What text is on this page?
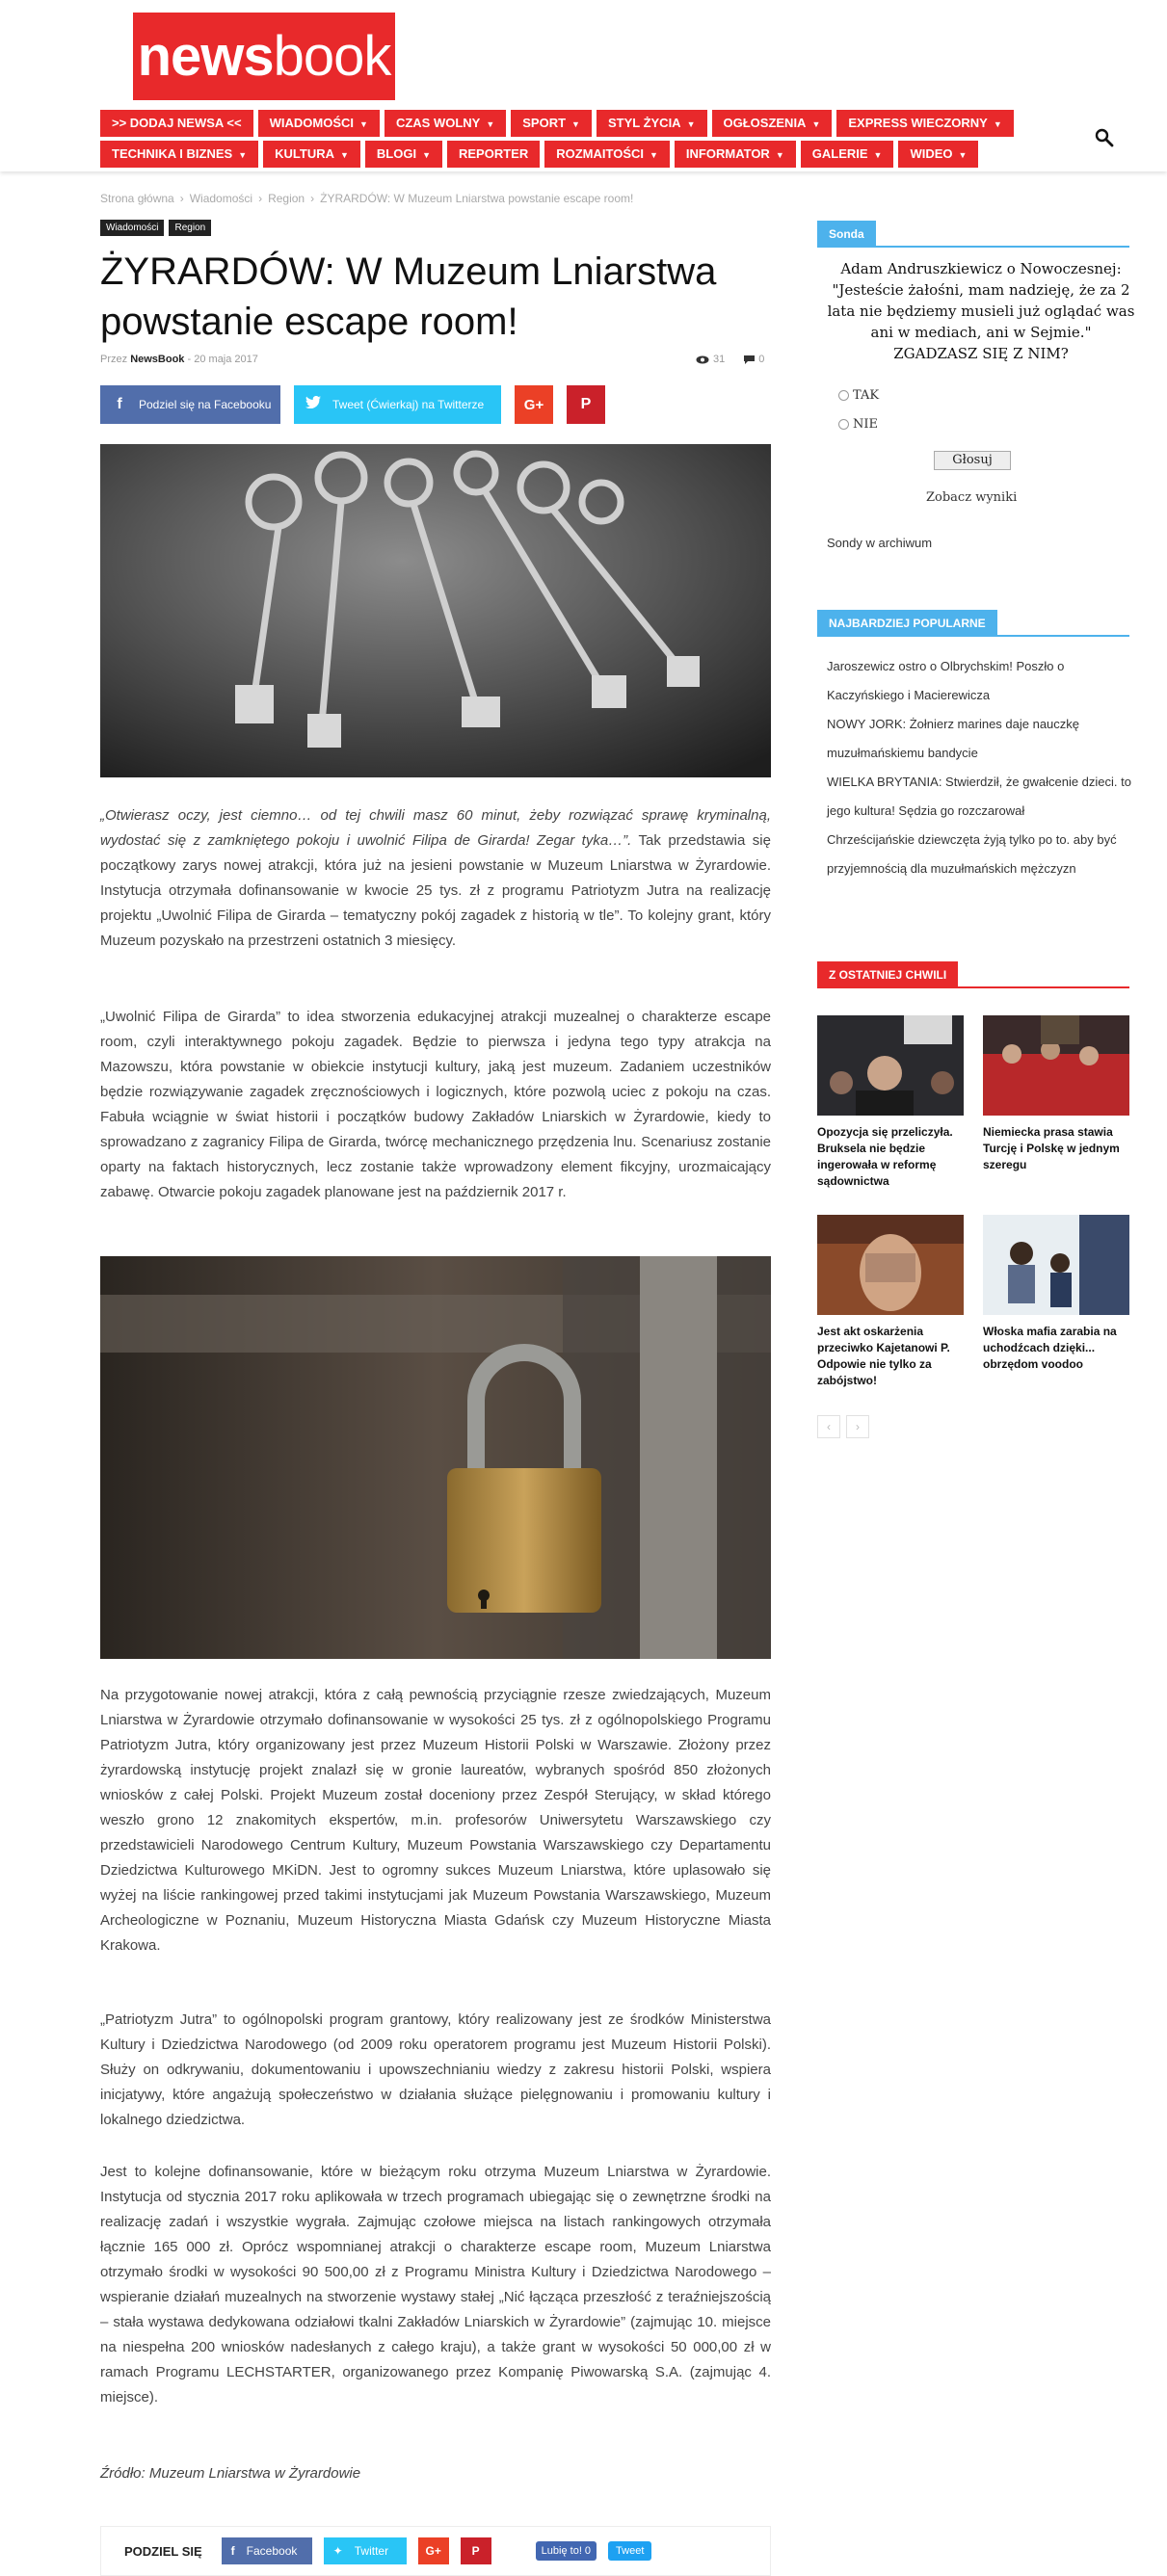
newsbook
>> DODAJ NEWSA <<	WIADOMOŚCI ▼	CZAS WOLNY ▼	SPORT ▼	STYL ŻYCIA ▼	OGŁOSZENIA ▼	EXPRESS WIECZORNY ▼
TECHNIKA I BIZNES ▼	KULTURA ▼	BLOGI ▼	REPORTER	ROZMAITOŚCI ▼	INFORMATOR ▼	GALERIE ▼	WIDEO ▼
Strona główna › Wiadomości › Region › ŻYRARDÓW: W Muzeum Lniarstwa powstanie escape room!
Wiadomości	Region
ŻYRARDÓW: W Muzeum Lniarstwa powstanie escape room!
Przez NewsBook - 20 maja 2017	31	0
f	Podziel się na Facebooku	Tweet (Ćwierkaj) na Twitterze	G+	P

„Otwierasz oczy, jest ciemno… od tej chwili masz 60 minut, żeby rozwiązać sprawę kryminalną, wydostać się z zamkniętego pokoju i uwolnić Filipa de Girarda! Zegar tyka…”. Tak przedstawia się początkowy zarys nowej atrakcji, która już na jesieni powstanie w Muzeum Lniarstwa w Żyrardowie. Instytucja otrzymała dofinansowanie w kwocie 25 tys. zł z programu Patriotyzm Jutra na realizację projektu „Uwolnić Filipa de Girarda – tematyczny pokój zagadek z historią w tle”. To kolejny grant, który Muzeum pozyskało na przestrzeni ostatnich 3 miesięcy.

„Uwolnić Filipa de Girarda” to idea stworzenia edukacyjnej atrakcji muzealnej o charakterze escape room, czyli interaktywnego pokoju zagadek. Będzie to pierwsza i jedyna tego typy atrakcja na Mazowszu, która powstanie w obiekcie instytucji kultury, jaką jest muzeum. Zadaniem uczestników będzie rozwiązywanie zagadek zręcznościowych i logicznych, które pozwolą uciec z pokoju na czas. Fabuła wciągnie w świat historii i początków budowy Zakładów Lniarskich w Żyrardowie, kiedy to sprowadzano z zagranicy Filipa de Girarda, twórcę mechanicznego przędzenia lnu. Scenariusz zostanie oparty na faktach historycznych, lecz zostanie także wprowadzony element fikcyjny, urozmaicający zabawę. Otwarcie pokoju zagadek planowane jest na październik 2017 r.

Na przygotowanie nowej atrakcji, która z całą pewnością przyciągnie rzesze zwiedzających, Muzeum Lniarstwa w Żyrardowie otrzymało dofinansowanie w wysokości 25 tys. zł z ogólnopolskiego Programu Patriotyzm Jutra, który organizowany jest przez Muzeum Historii Polski w Warszawie. Złożony przez żyrardowską instytucję projekt znalazł się w gronie laureatów, wybranych spośród 850 złożonych wniosków z całej Polski. Projekt Muzeum został doceniony przez Zespół Sterujący, w skład którego weszło grono 12 znakomitych ekspertów, m.in. profesorów Uniwersytetu Warszawskiego czy przedstawicieli Narodowego Centrum Kultury, Muzeum Powstania Warszawskiego czy Departamentu Dziedzictwa Kulturowego MKiDN. Jest to ogromny sukces Muzeum Lniarstwa, które uplasowało się wyżej na liście rankingowej przed takimi instytucjami jak Muzeum Powstania Warszawskiego, Muzeum Archeologiczne w Poznaniu, Muzeum Historyczna Miasta Gdańsk czy Muzeum Historyczne Miasta Krakowa.

„Patriotyzm Jutra” to ogólnopolski program grantowy, który realizowany jest ze środków Ministerstwa Kultury i Dziedzictwa Narodowego (od 2009 roku operatorem programu jest Muzeum Historii Polski). Służy on odkrywaniu, dokumentowaniu i upowszechnianiu wiedzy z zakresu historii Polski, wspiera inicjatywy, które angażują społeczeństwo w działania służące pielęgnowaniu i promowaniu kultury i lokalnego dziedzictwa.

Jest to kolejne dofinansowanie, które w bieżącym roku otrzyma Muzeum Lniarstwa w Żyrardowie. Instytucja od stycznia 2017 roku aplikowała w trzech programach ubiegając się o zewnętrzne środki na realizację zadań i wszystkie wygrała. Zajmując czołowe miejsca na listach rankingowych otrzymała łącznie 165 000 zł. Oprócz wspomnianej atrakcji o charakterze escape room, Muzeum Lniarstwa otrzymało środki w wysokości 90 500,00 zł z Programu Ministra Kultury i Dziedzictwa Narodowego – wspieranie działań muzealnych na stworzenie wystawy stałej „Nić łącząca przeszłość z teraźniejszością – stała wystawa dedykowana odziałowi tkalni Zakładów Lniarskich w Żyrardowie” (zajmując 10. miejsce na niespełna 200 wniosków nadesłanych z całego kraju), a także grant w wysokości 50 000,00 zł w ramach Programu LECHSTARTER, organizowanego przez Kompanię Piwowarską S.A. (zajmując 4. miejsce).

Źródło: Muzeum Lniarstwa w Żyrardowie

PODZIEL SIĘ	f Facebook	✦ Twitter	G+	P	Lubię to! 0	Tweet
Sonda
Adam Andruszkiewicz o Nowoczesnej: "Jesteście żałośni, mam nadzieję, że za 2 lata nie będziemy musieli już oglądać was ani w mediach, ani w Sejmie." ZGADZASZ SIĘ Z NIM?
TAK
NIE
Głosuj
Zobacz wyniki
Sondy w archiwum
NAJBARDZIEJ POPULARNE
Jaroszewicz ostro o Olbrychskim! Poszło o Kaczyńskiego i Macierewicza
NOWY JORK: Żołnierz marines daje nauczkę muzułmańskiemu bandycie
WIELKA BRYTANIA: Stwierdził, że gwałcenie dzieci. to jego kultura! Sędzia go rozczarował
Chrześcijańskie dziewczęta żyją tylko po to. aby być przyjemnością dla muzułmańskich mężczyzn
Z OSTATNIEJ CHWILI
Opozycja się przeliczyła. Bruksela nie będzie ingerowała w reformę sądownictwa
Niemiecka prasa stawia Turcję i Polskę w jednym szeregu
Jest akt oskarżenia przeciwko Kajetanowi P. Odpowie nie tylko za zabójstwo!
Włoska mafia zarabia na uchodźcach dzięki... obrzędom voodoo
‹	›
